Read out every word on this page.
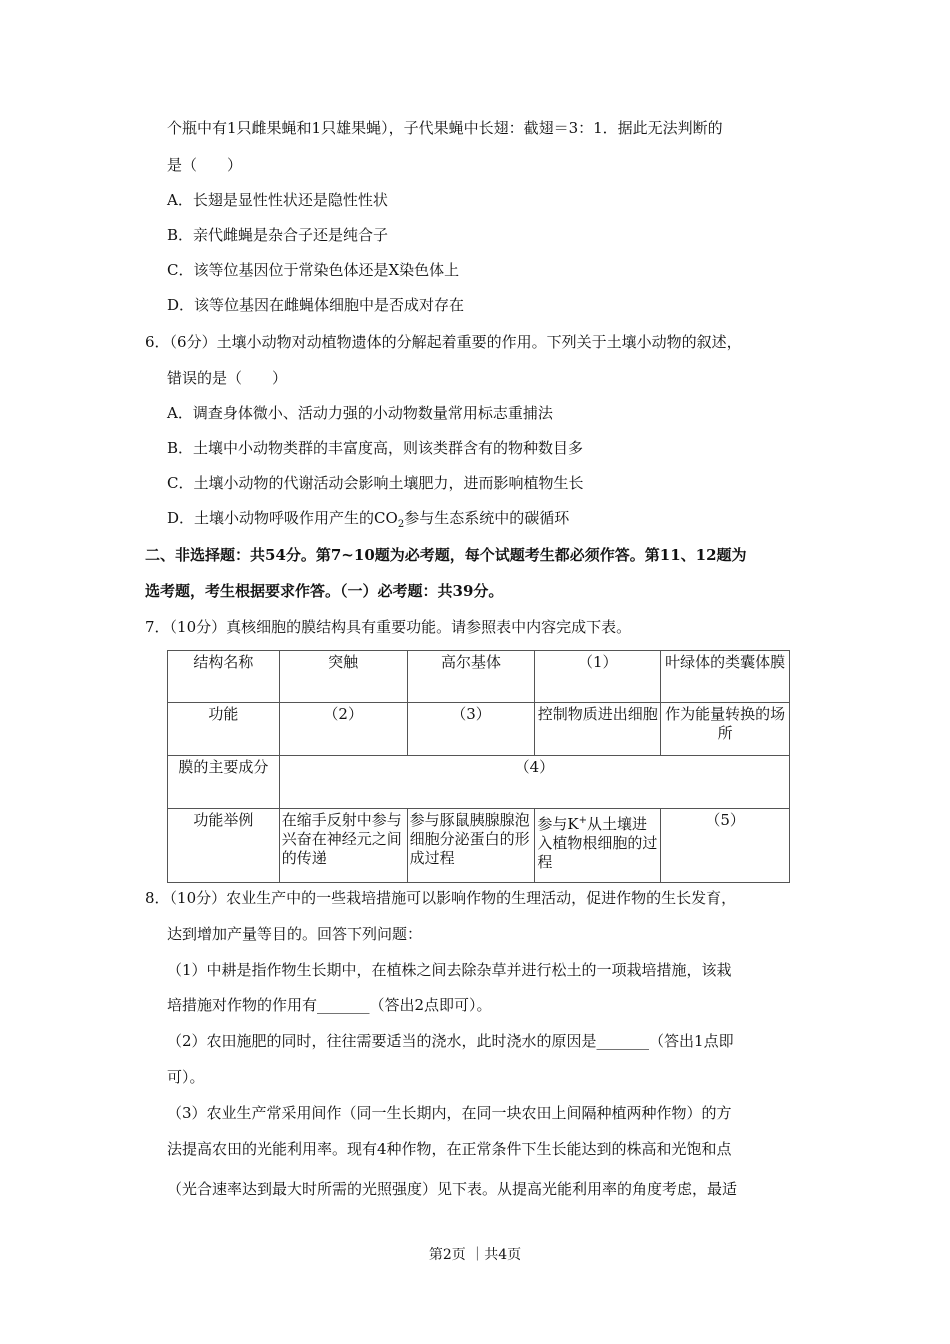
个瓶中有1只雌果蝇和1只雄果蝇），子代果蝇中长翅：截翅＝3：1．据此无法判断的
是（　　）
A．长翅是显性性状还是隐性性状
B．亲代雌蝇是杂合子还是纯合子
C．该等位基因位于常染色体还是X染色体上
D．该等位基因在雌蝇体细胞中是否成对存在
6．（6分）土壤小动物对动植物遗体的分解起着重要的作用。下列关于土壤小动物的叙述，
错误的是（　　）
A．调查身体微小、活动力强的小动物数量常用标志重捕法
B．土壤中小动物类群的丰富度高，则该类群含有的物种数目多
C．土壤小动物的代谢活动会影响土壤肥力，进而影响植物生长
D．土壤小动物呼吸作用产生的$CO_2$参与生态系统中的碳循环
二、非选择题：共54分。第7~10题为必考题，每个试题考生都必须作答。第11、12题为
选考题，考生根据要求作答。（一）必考题：共39分。
7．（10分）真核细胞的膜结构具有重要功能。请参照表中内容完成下表。
结构名称	突触	高尔基体	（1）	叶绿体的类囊体膜
功能	（2）	（3）	控制物质进出细胞	作为能量转换的场所
膜的主要成分	（4）			
功能举例	在缩手反射中参与兴奋在神经元之间的传递	参与豚鼠胰腺腺泡细胞分泌蛋白的形成过程	参与K+从土壤进入植物根细胞的过程	（5）
8．（10分）农业生产中的一些栽培措施可以影响作物的生理活动，促进作物的生长发育，
达到增加产量等目的。回答下列问题：
（1）中耕是指作物生长期中，在植株之间去除杂草并进行松土的一项栽培措施，该栽
培措施对作物的作用有_______（答出2点即可）。
（2）农田施肥的同时，往往需要适当的浇水，此时浇水的原因是_______（答出1点即
可）。
（3）农业生产常采用间作（同一生长期内，在同一块农田上间隔种植两种作物）的方
法提高农田的光能利用率。现有4种作物，在正常条件下生长能达到的株高和光饱和点
（光合速率达到最大时所需的光照强度）见下表。从提高光能利用率的角度考虑，最适
第2页 ｜共4页
